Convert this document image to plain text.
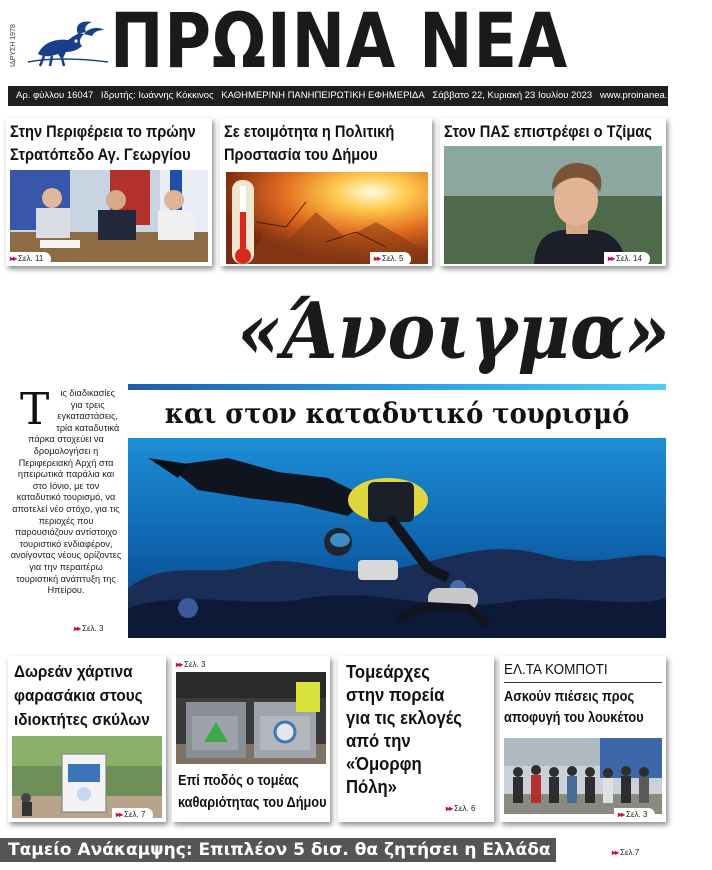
ΙΔΡΥΣΗ 1978 ΠΡΩΙΝΑ ΝΕΑ
Αρ. φύλλου 16047 Ιδρυτής: Ιωάννης Κόκκινος ΚΑΘΗΜΕΡΙΝΗ ΠΑΝΗΠΕΙΡΩΤΙΚΗ ΕΦΗΜΕΡΙΔΑ Σάββατο 22, Κυριακή 23 Ιουλίου 2023 www.proinanea.gr €0,50
Στην Περιφέρεια το πρώην
Στρατόπεδο Αγ. Γεωργίου
▸▸ Σελ. 11
Σε ετοιμότητα η Πολιτική
Προστασία του Δήμου
▸▸ Σελ. 5
Στον ΠΑΣ επιστρέφει ο Τζίμας
▸▸ Σελ. 14
«Άνοιγμα»
και στον καταδυτικό τουρισμό
Τ ις διαδικασίες για τρεις εγκαταστάσεις, τρία καταδυτικά πάρκα στοχεύει να δρομολογήσει η Περιφερειακή Αρχή στα ηπειρωτικά παράλια και στο Ιόνιο, με τον καταδυτικό τουρισμό, να αποτελεί νέο στόχο, για τις περιοχές που παρουσιάζουν αντίστοιχο τουριστικό ενδιαφέρον, ανοίγοντας νέους ορίζοντες για την περαιτέρω τουριστική ανάπτυξη της Ηπείρου.
▸▸ Σελ. 3
Δωρεάν χάρτινα
φαρασάκια στους
ιδιοκτήτες σκύλων
▸▸ Σελ. 7
▸▸ Σελ. 3
Επί ποδός ο τομέας
καθαριότητας του Δήμου
Τομεάρχες
στην πορεία
για τις εκλογές
από την
«Όμορφη
Πόλη»
▸▸ Σελ. 6
ΕΛ.ΤΑ ΚΟΜΠΟΤΙ
Ασκούν πιέσεις προς
αποφυγή του λουκέτου
▸▸ Σελ. 3
Ταμείο Ανάκαμψης: Επιπλέον 5 δισ. θα ζητήσει η Ελλάδα	▸▸ Σελ.7
